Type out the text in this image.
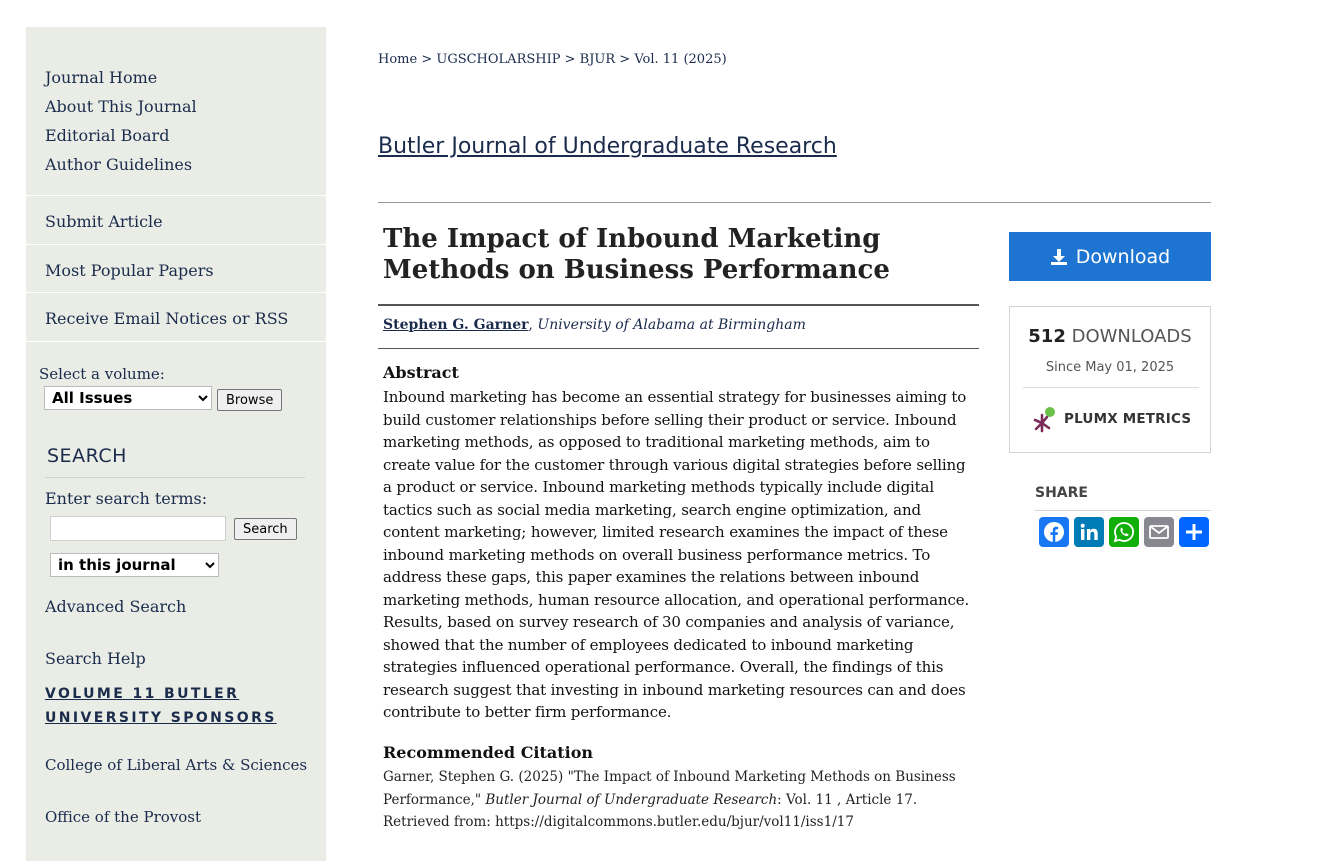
Journal Home
About This Journal
Editorial Board
Author Guidelines
Submit Article
Most Popular Papers
Receive Email Notices or RSS
Select a volume:
All Issues
Browse
SEARCH
Enter search terms:
Search
in this journal
Advanced Search
Search Help
VOLUME 11 BUTLER UNIVERSITY SPONSORS
College of Liberal Arts & Sciences
Office of the Provost
Home > UGSCHOLARSHIP > BJUR > Vol. 11 (2025)
Butler Journal of Undergraduate Research
The Impact of Inbound Marketing Methods on Business Performance
Stephen G. Garner, University of Alabama at Birmingham
Abstract

Inbound marketing has become an essential strategy for businesses aiming to build customer relationships before selling their product or service. Inbound marketing methods, as opposed to traditional marketing methods, aim to create value for the customer through various digital strategies before selling a product or service. Inbound marketing methods typically include digital tactics such as social media marketing, search engine optimization, and content marketing; however, limited research examines the impact of these inbound marketing methods on overall business performance metrics. To address these gaps, this paper examines the relations between inbound marketing methods, human resource allocation, and operational performance. Results, based on survey research of 30 companies and analysis of variance, showed that the number of employees dedicated to inbound marketing strategies influenced operational performance. Overall, the findings of this research suggest that investing in inbound marketing resources can and does contribute to better firm performance.

Recommended Citation

Garner, Stephen G. (2025) "The Impact of Inbound Marketing Methods on Business Performance," Butler Journal of Undergraduate Research: Vol. 11 , Article 17.
Retrieved from: https://digitalcommons.butler.edu/bjur/vol11/iss1/17

Download
512 DOWNLOADS
Since May 01, 2025
PLUMX METRICS
SHARE
